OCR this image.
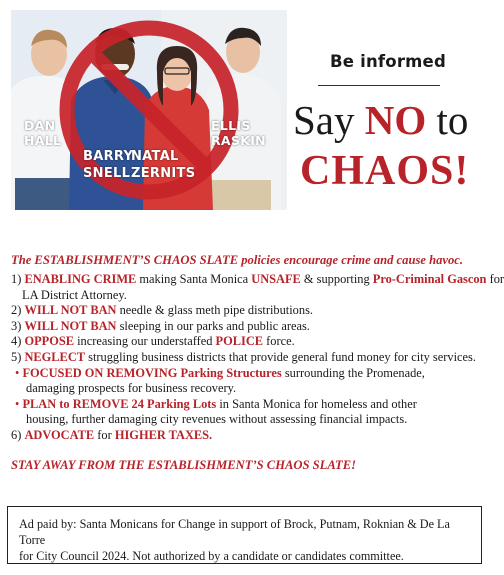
DAN
HALL
BARRY
SNELL
NATAL
ZERNITS
ELLIS
RASKIN
Be informed
Say NO to
CHAOS!
The ESTABLISHMENT’S CHAOS SLATE policies encourage crime and cause havoc.
1) ENABLING CRIME making Santa Monica UNSAFE & supporting Pro-Criminal Gascon for
LA District Attorney.
2) WILL NOT BAN needle & glass meth pipe distributions.
3) WILL NOT BAN sleeping in our parks and public areas.
4) OPPOSE increasing our understaffed POLICE force.
5) NEGLECT struggling business districts that provide general fund money for city services.
• FOCUSED ON REMOVING Parking Structures surrounding the Promenade,
damaging prospects for business recovery.
• PLAN to REMOVE 24 Parking Lots in Santa Monica for homeless and other
housing, further damaging city revenues without assessing financial impacts.
6) ADVOCATE for HIGHER TAXES.
STAY AWAY FROM THE ESTABLISHMENT’S CHAOS SLATE!
Ad paid by: Santa Monicans for Change in support of Brock, Putnam, Roknian & De La Torre
for City Council 2024. Not authorized by a candidate or candidates committee.
